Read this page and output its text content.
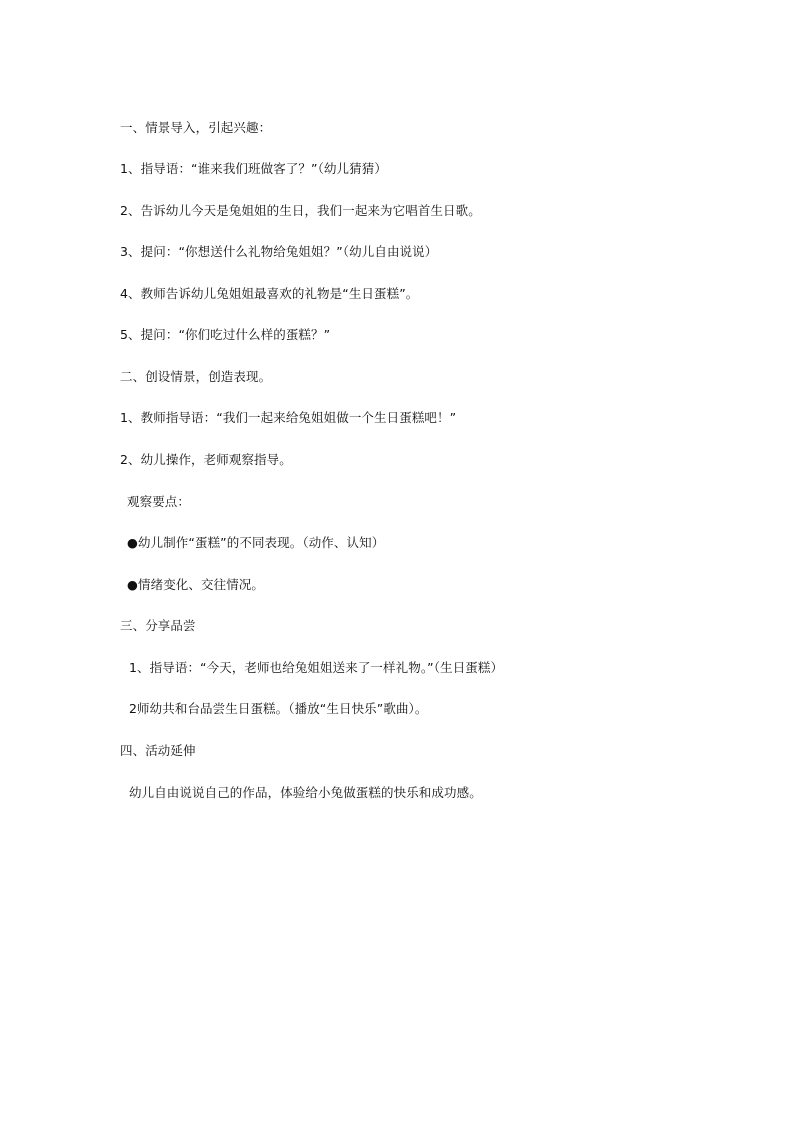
一、情景导入，引起兴趣：
1、指导语：“谁来我们班做客了？”（幼儿猜猜）
2、告诉幼儿今天是兔姐姐的生日，我们一起来为它唱首生日歌。
3、提问：“你想送什么礼物给兔姐姐？”（幼儿自由说说）
4、教师告诉幼儿兔姐姐最喜欢的礼物是“生日蛋糕”。
5、提问：“你们吃过什么样的蛋糕？”
二、创设情景，创造表现。
1、教师指导语：“我们一起来给兔姐姐做一个生日蛋糕吧！”
2、幼儿操作，老师观察指导。
观察要点：
●幼儿制作“蛋糕”的不同表现。（动作、认知）
●情绪变化、交往情况。
三、分享品尝
1、指导语：“今天，老师也给兔姐姐送来了一样礼物。”（生日蛋糕）
2师幼共和台品尝生日蛋糕。（播放“生日快乐”歌曲）。
四、活动延伸
幼儿自由说说自己的作品，体验给小兔做蛋糕的快乐和成功感。
